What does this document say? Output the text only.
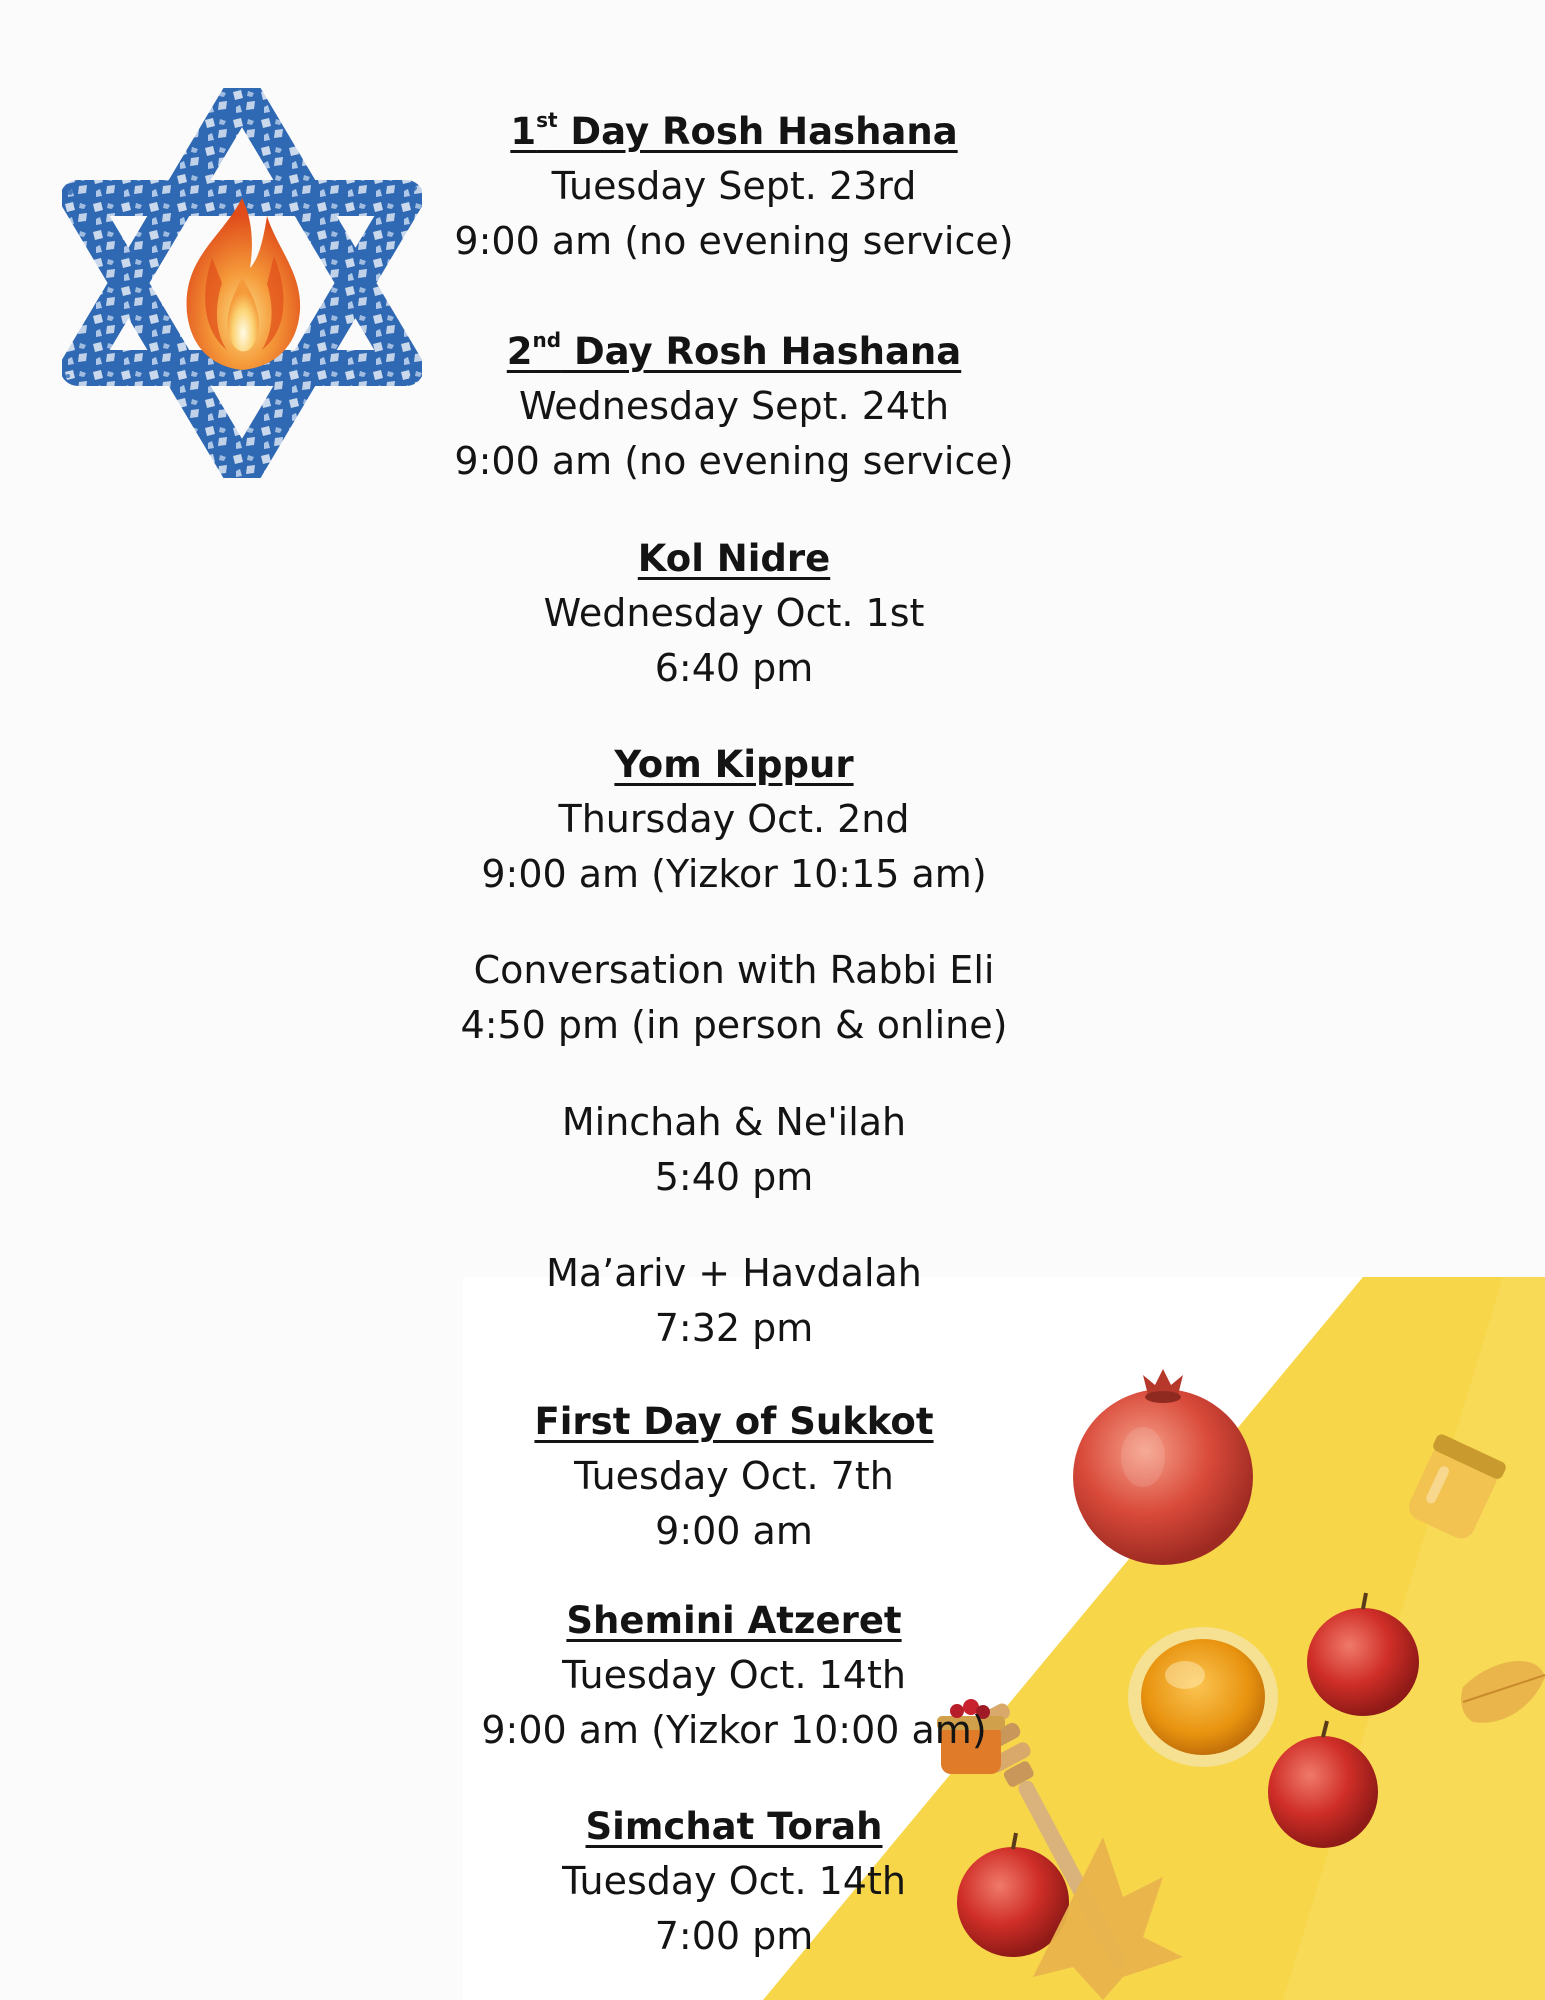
1st Day Rosh Hashana
Tuesday Sept. 23rd
9:00 am (no evening service)
2nd Day Rosh Hashana
Wednesday Sept. 24th
9:00 am (no evening service)
Kol Nidre
Wednesday Oct. 1st
6:40 pm
Yom Kippur
Thursday Oct. 2nd
9:00 am (Yizkor 10:15 am)
Conversation with Rabbi Eli
4:50 pm (in person & online)
Minchah & Ne'ilah
5:40 pm
Ma’ariv + Havdalah
7:32 pm
First Day of Sukkot
Tuesday Oct. 7th
9:00 am
Shemini Atzeret
Tuesday Oct. 14th
9:00 am (Yizkor 10:00 am)
Simchat Torah
Tuesday Oct. 14th
7:00 pm
